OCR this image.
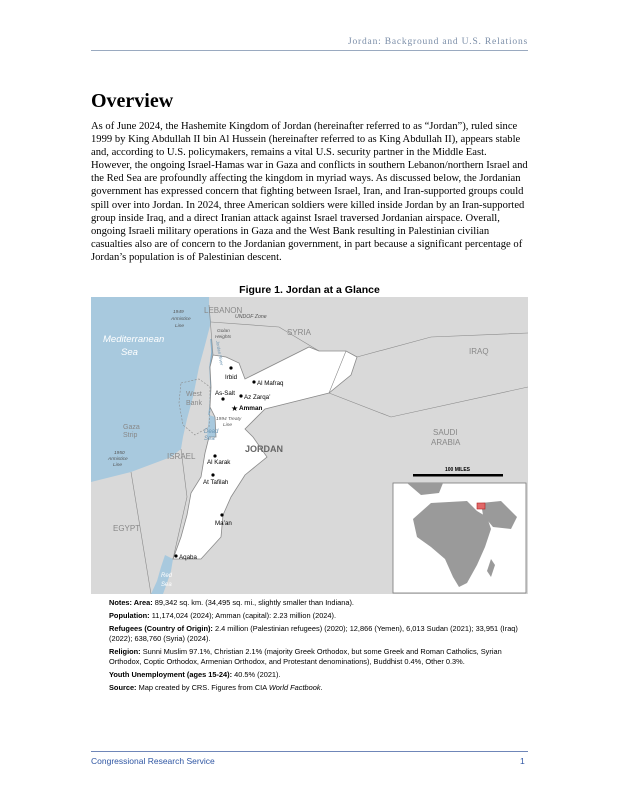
Jordan: Background and U.S. Relations
Overview

As of June 2024, the Hashemite Kingdom of Jordan (hereinafter referred to as “Jordan”), ruled since 1999 by King Abdullah II bin Al Hussein (hereinafter referred to as King Abdullah II), appears stable and, according to U.S. policymakers, remains a vital U.S. security partner in the Middle East. However, the ongoing Israel-Hamas war in Gaza and conflicts in southern Lebanon/northern Israel and the Red Sea are profoundly affecting the kingdom in myriad ways. As discussed below, the Jordanian government has expressed concern that fighting between Israel, Iran, and Iran-supported groups could spill over into Jordan. In 2024, three American soldiers were killed inside Jordan by an Iran-supported group inside Iraq, and a direct Iranian attack against Israel traversed Jordanian airspace. Overall, ongoing Israeli military operations in Gaza and the West Bank resulting in Palestinian civilian casualties also are of concern to the Jordanian government, in part because a significant percentage of Jordan’s population is of Palestinian descent.

Figure 1. Jordan at a Glance
Mediterranean
Sea
LEBANON
SYRIA
IRAQ
SAUDI
ARABIA
EGYPT
ISRAEL
JORDAN
West
Bank
Gaza
Strip
1949
Armistice
Line
UNDOF Zone
Golan
Heights
Jordan River
Dead
Sea
1994 Treaty
Line
1950
Armistice
Line
Red
Sea
Irbid
Al Mafraq
As-Salt
Az Zarqa’
★ Amman
Al Karak
At Tafilah
Ma’an
Aqaba
100 MILES

Notes: Area: 89,342 sq. km. (34,495 sq. mi., slightly smaller than Indiana).

Population: 11,174,024 (2024); Amman (capital): 2.23 million (2024).

Refugees (Country of Origin): 2.4 million (Palestinian refugees) (2020); 12,866 (Yemen), 6,013 Sudan (2021); 33,951 (Iraq) (2022); 638,760 (Syria) (2024).

Religion: Sunni Muslim 97.1%, Christian 2.1% (majority Greek Orthodox, but some Greek and Roman Catholics, Syrian Orthodox, Coptic Orthodox, Armenian Orthodox, and Protestant denominations), Buddhist 0.4%, Other 0.3%.

Youth Unemployment (ages 15-24): 40.5% (2021).

Source: Map created by CRS. Figures from CIA World Factbook.

Congressional Research Service	1
